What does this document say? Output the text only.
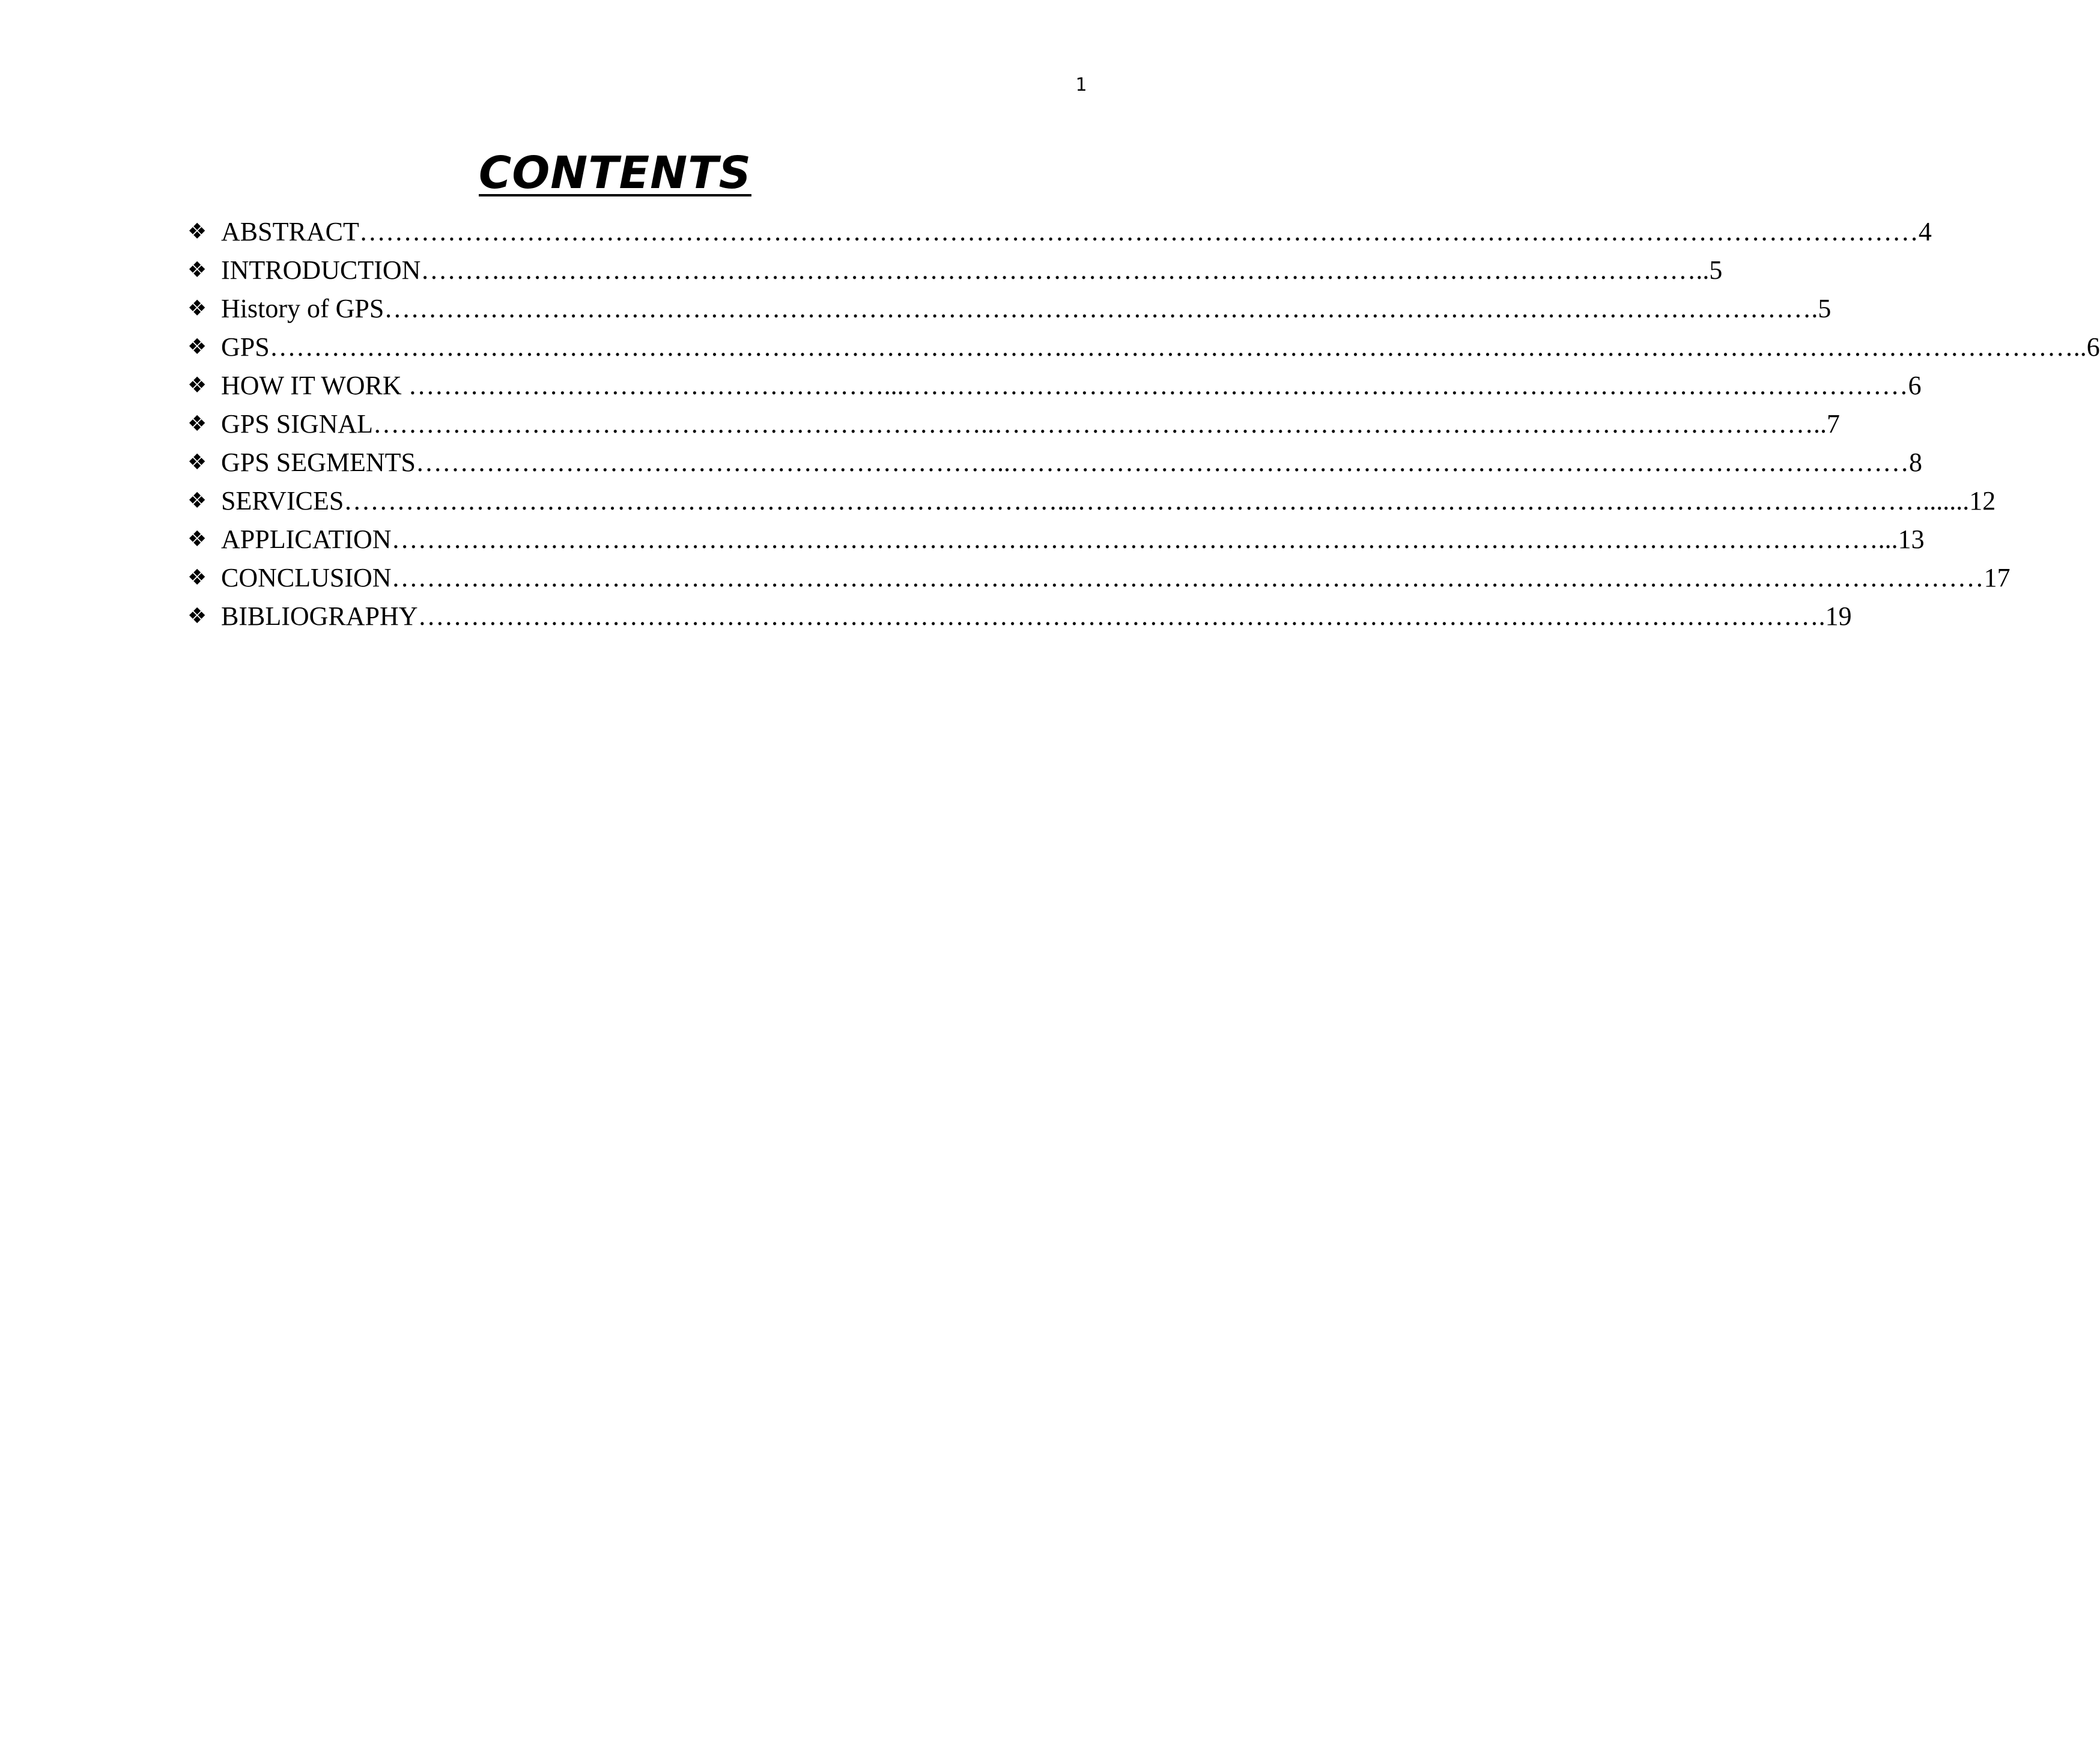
1
CONTENTS
❖ ABSTRACT …………………………………………………………………………………………………………………………………………………………… 4
❖ INTRODUCTION ……….……………………………………………………………………………………………………………………….. 5
❖ History of GPS ………………………………………………………………………………………………………………………………………………. 5
❖ GPS ……………………………………………………………………………….…………………………………………………………………………………………………….. 6
❖ HOW IT WORK ………………………………………………...…………………………………………………………………………………………………… 6
❖ GPS SIGNAL ……………………………………………………………..………………………………………………………………………………….. 7
❖ GPS SEGMENTS …………………………………………………………..………………………………………………………………………………………… 8
❖ SERVICES ………………………………………………………………………...……………………………………………………………………………………....... 12
❖ APPLICATION ……………………………………………………………….……………………………………………………………………………………... 13
❖ CONCLUSION ……………………………………………………………….……………………………………………………………………………………………… 17
❖ BIBLIOGRAPHY ……………………………………………………………………………………………………………………………………………. 19
